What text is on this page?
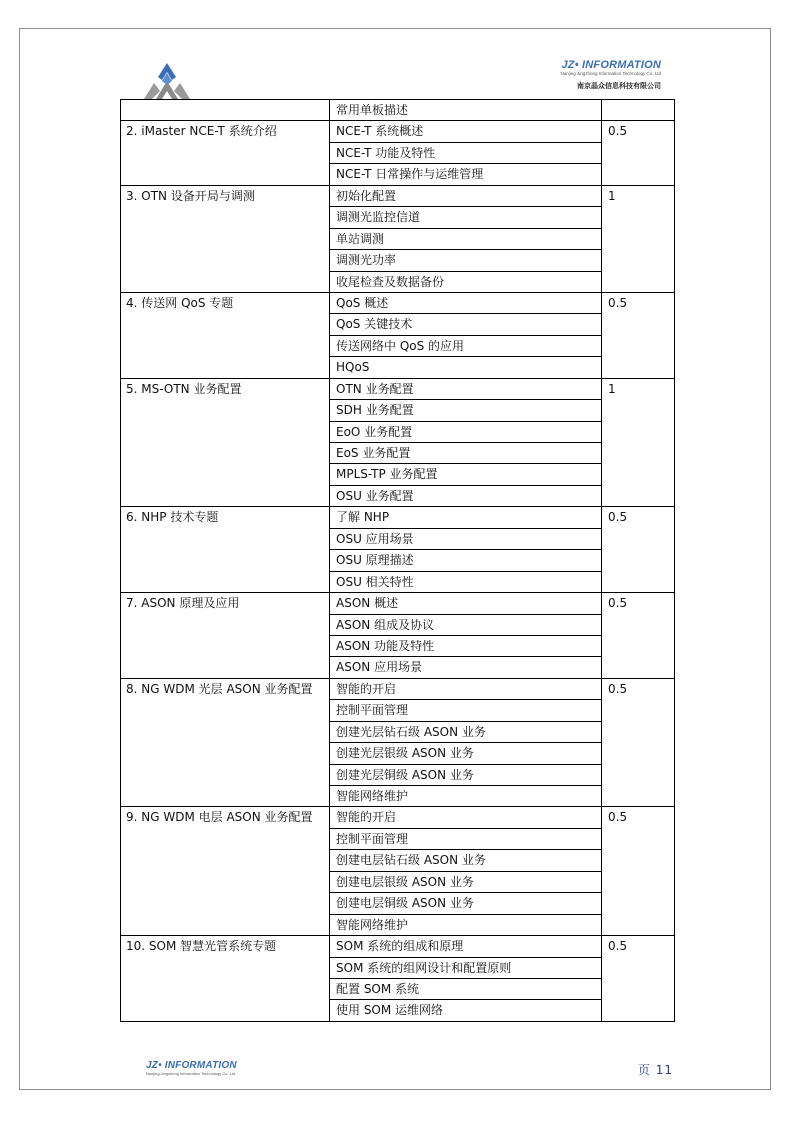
JZ• INFORMATION
Nanjing Jingzhong Information Technology Co. Ltd
南京晶众信息科技有限公司
	常用单板描述	
2. iMaster NCE-T 系统介绍	NCE-T 系统概述	0.5
	NCE-T 功能及特性	
	NCE-T 日常操作与运维管理	
3. OTN 设备开局与调测	初始化配置	1
	调测光监控信道	
	单站调测	
	调测光功率	
	收尾检查及数据备份	
4. 传送网 QoS 专题	QoS 概述	0.5
	QoS 关键技术	
	传送网络中 QoS 的应用	
	HQoS	
5. MS-OTN 业务配置	OTN 业务配置	1
	SDH 业务配置	
	EoO 业务配置	
	EoS 业务配置	
	MPLS-TP 业务配置	
	OSU 业务配置	
6. NHP 技术专题	了解 NHP	0.5
	OSU 应用场景	
	OSU 原理描述	
	OSU 相关特性	
7. ASON 原理及应用	ASON 概述	0.5
	ASON 组成及协议	
	ASON 功能及特性	
	ASON 应用场景	
8. NG WDM 光层 ASON 业务配置	智能的开启	0.5
	控制平面管理	
	创建光层钻石级 ASON 业务	
	创建光层银级 ASON 业务	
	创建光层铜级 ASON 业务	
	智能网络维护	
9. NG WDM 电层 ASON 业务配置	智能的开启	0.5
	控制平面管理	
	创建电层钻石级 ASON 业务	
	创建电层银级 ASON 业务	
	创建电层铜级 ASON 业务	
	智能网络维护	
10. SOM 智慧光管系统专题	SOM 系统的组成和原理	0.5
	SOM 系统的组网设计和配置原则	
	配置 SOM 系统	
	使用 SOM 运维网络	
JZ• INFORMATION
Nanjing Jingzhong Information Technology Co. Ltd	页 11
